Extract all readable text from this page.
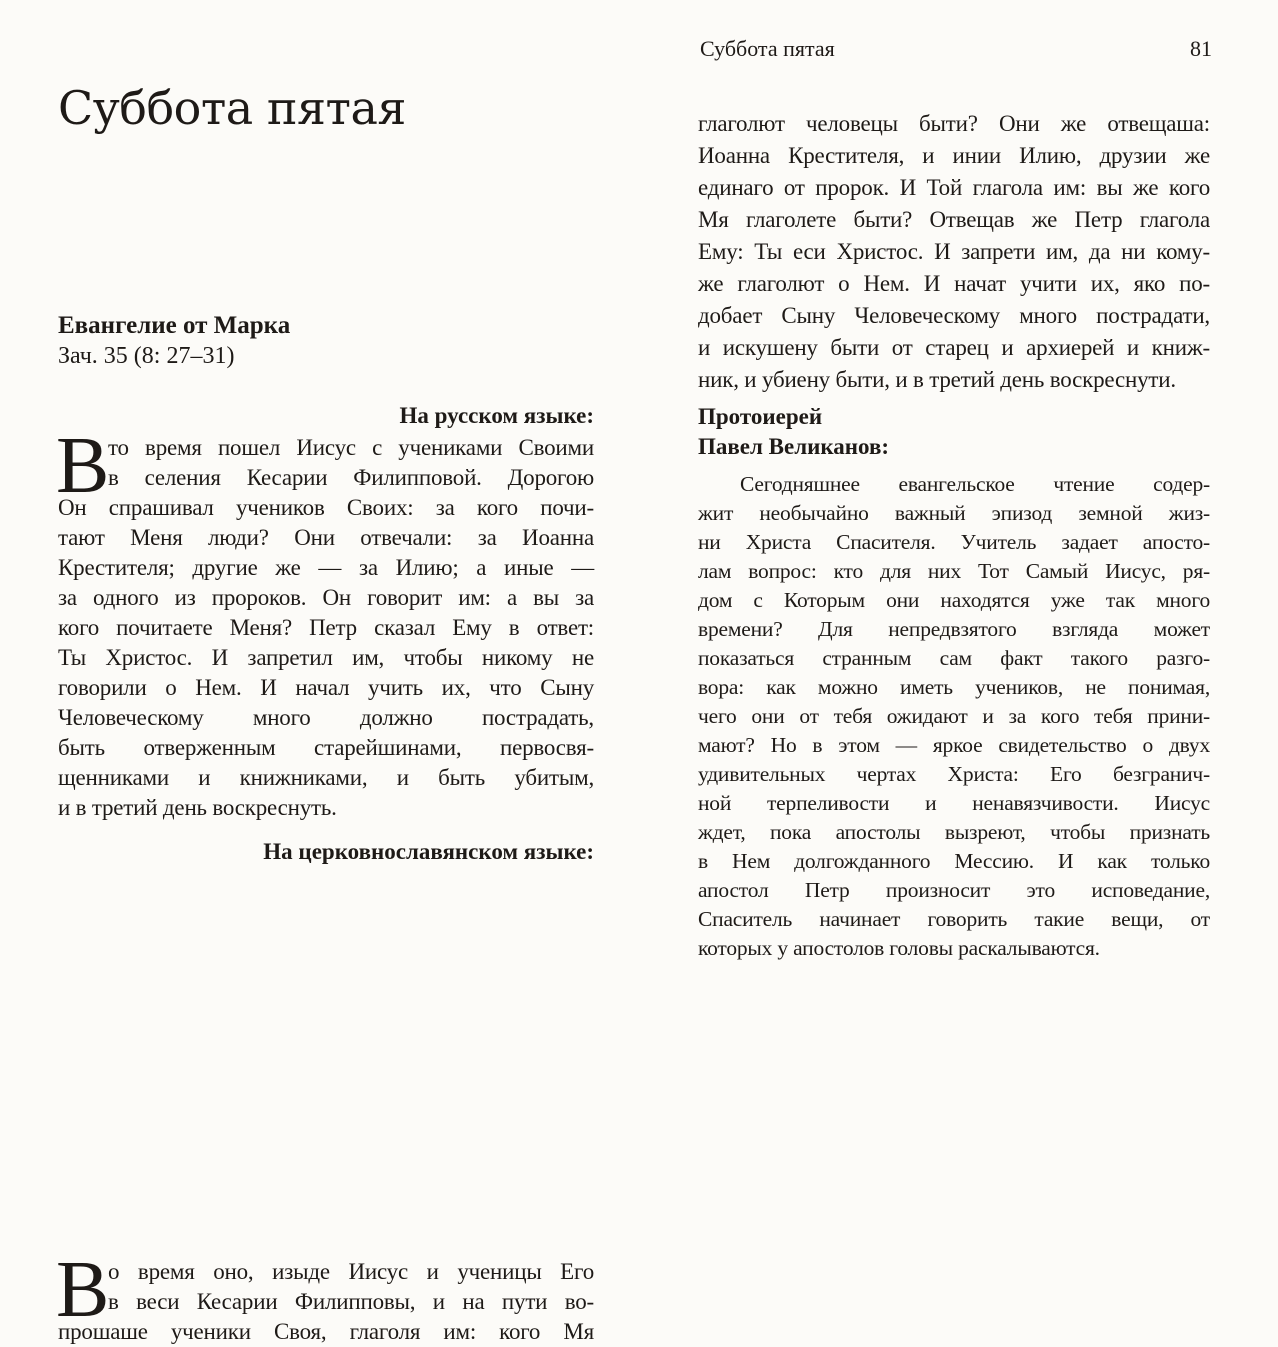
Суббота пятая	81
Суббота пятая
Евангелие от Марка
Зач. 35 (8: 27–31)
На русском языке:
В
то время пошел Иисус с учениками Своими
в селения Кесарии Филипповой. Дорогою
Он спрашивал учеников Своих: за кого почи-
тают Меня люди? Они отвечали: за Иоанна
Крестителя; другие же — за Илию; а иные —
за одного из пророков. Он говорит им: а вы за
кого почитаете Меня? Петр сказал Ему в ответ:
Ты Христос. И запретил им, чтобы никому не
говорили о Нем. И начал учить их, что Сыну
Человеческому много должно пострадать,
быть отверженным старейшинами, первосвя-
щенниками и книжниками, и быть убитым,
и в третий день воскреснуть.
На церковнославянском языке:
В
о время оно, изыде Иисус и ученицы Его
в веси Кесарии Филипповы, и на пути во-
прошаше ученики Своя, глаголя им: кого Мя
глаголют человецы быти? Они же отвещаша:
Иоанна Крестителя, и инии Илию, друзии же
единаго от пророк. И Той глагола им: вы же кого
Мя глаголете быти? Отвещав же Петр глагола
Ему: Ты еси Христос. И запрети им, да ни кому-
же глаголют о Нем. И начат учити их, яко по-
добает Сыну Человеческому много пострадати,
и искушену быти от старец и архиерей и книж-
ник, и убиену быти, и в третий день воскреснути.
Протоиерей
Павел Великанов:
Сегодняшнее евангельское чтение содер-
жит необычайно важный эпизод земной жиз-
ни Христа Спасителя. Учитель задает апосто-
лам вопрос: кто для них Тот Самый Иисус, ря-
дом с Которым они находятся уже так много
времени? Для непредвзятого взгляда может
показаться странным сам факт такого разго-
вора: как можно иметь учеников, не понимая,
чего они от тебя ожидают и за кого тебя прини-
мают? Но в этом — яркое свидетельство о двух
удивительных чертах Христа: Его безгранич-
ной терпеливости и ненавязчивости. Иисус
ждет, пока апостолы вызреют, чтобы признать
в Нем долгожданного Мессию. И как только
апостол Петр произносит это исповедание,
Спаситель начинает говорить такие вещи, от
которых у апостолов головы раскалываются.
